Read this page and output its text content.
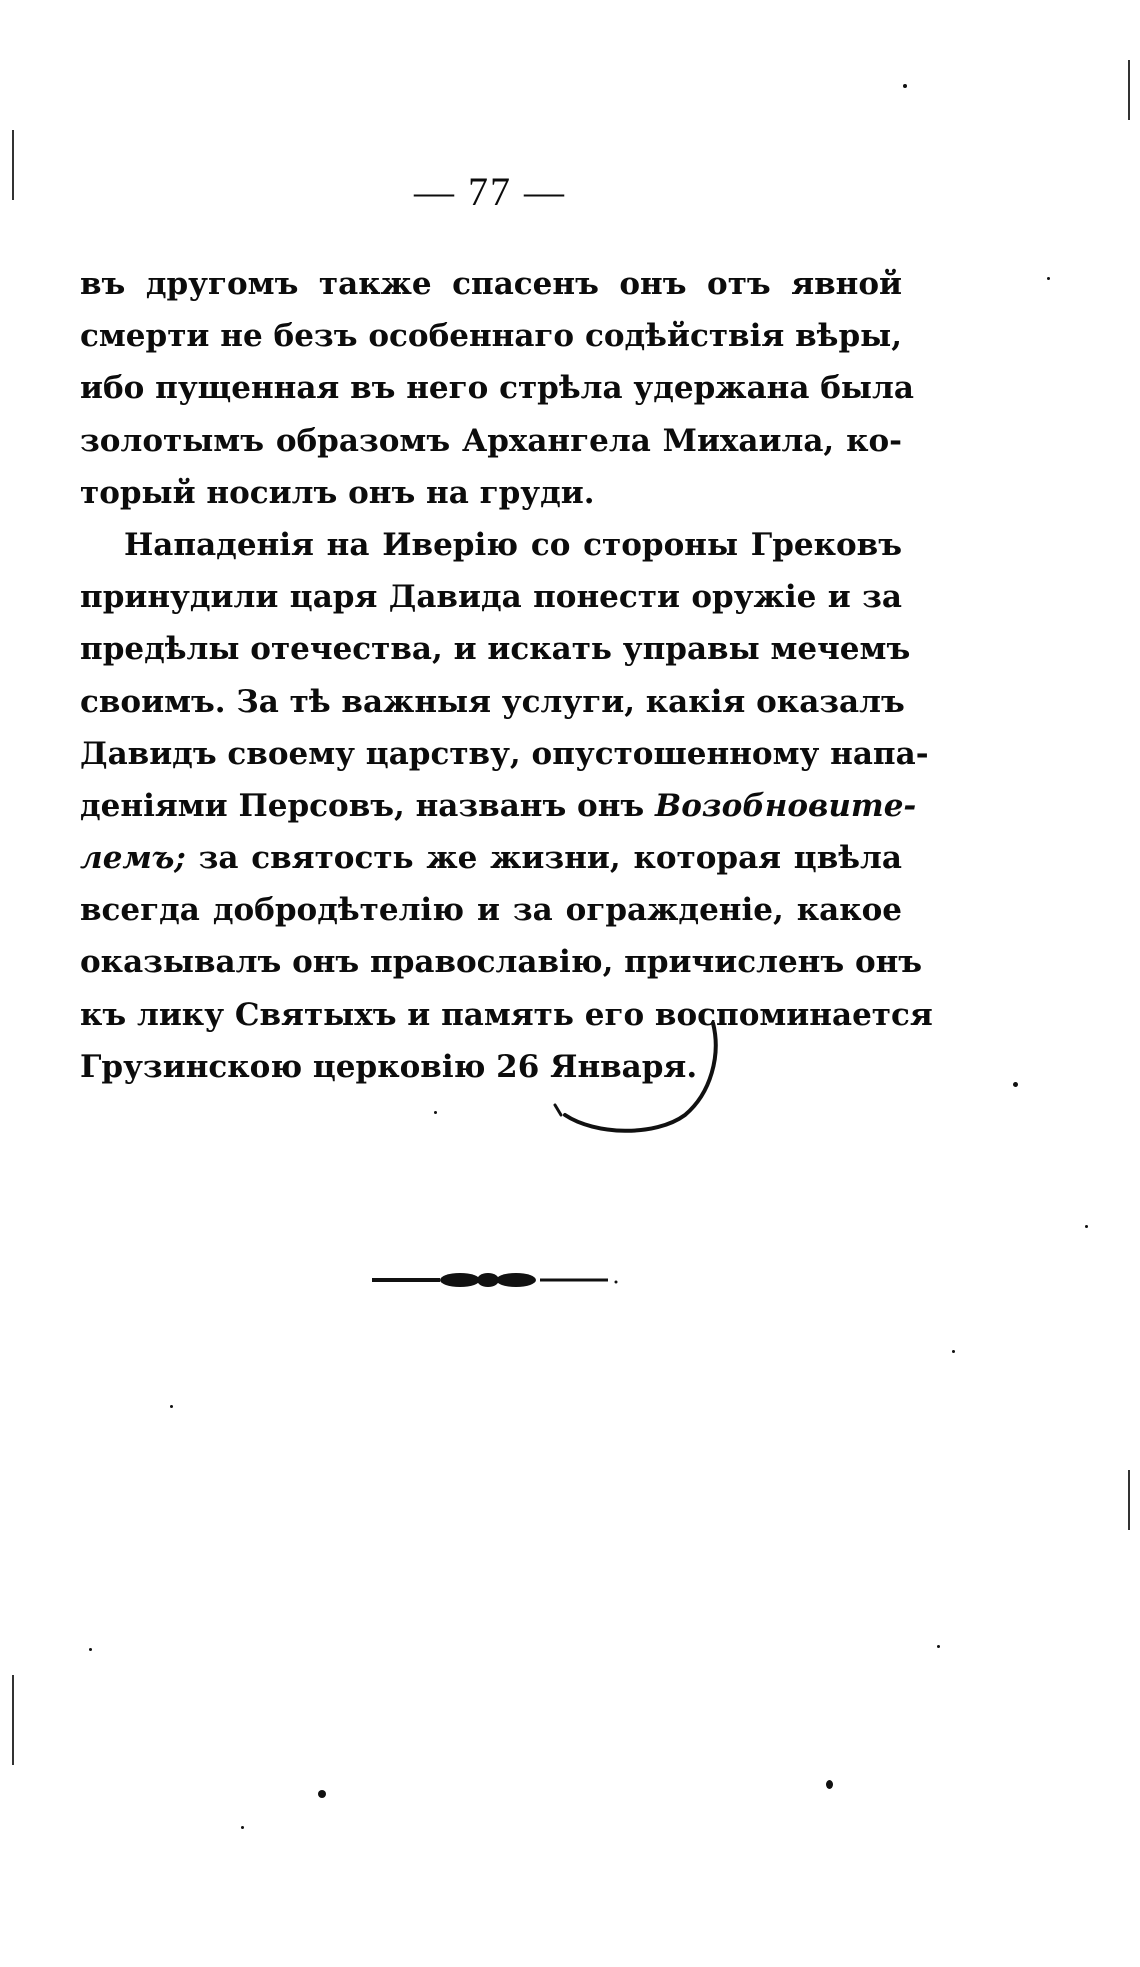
— 77 —
въ другомъ также спасенъ онъ отъ явной
смерти не безъ особеннаго содѣйствія вѣры,
ибо пущенная въ него стрѣла удержана была
золотымъ образомъ Архангела Михаила, ко-
торый носилъ онъ на груди.
Нападенія на Иверію со стороны Грековъ
принудили царя Давида понести оружіе и за
предѣлы отечества, и искать управы мечемъ
своимъ. За тѣ важныя услуги, какія оказалъ
Давидъ своему царству, опустошенному напа-
деніями Персовъ, названъ онъ Возобновите-
лемъ; за святость же жизни, которая цвѣла
всегда добродѣтелію и за огражденіе, какое
оказывалъ онъ православію, причисленъ онъ
къ лику Святыхъ и память его воспоминается
Грузинскою церковію 26 Января.
